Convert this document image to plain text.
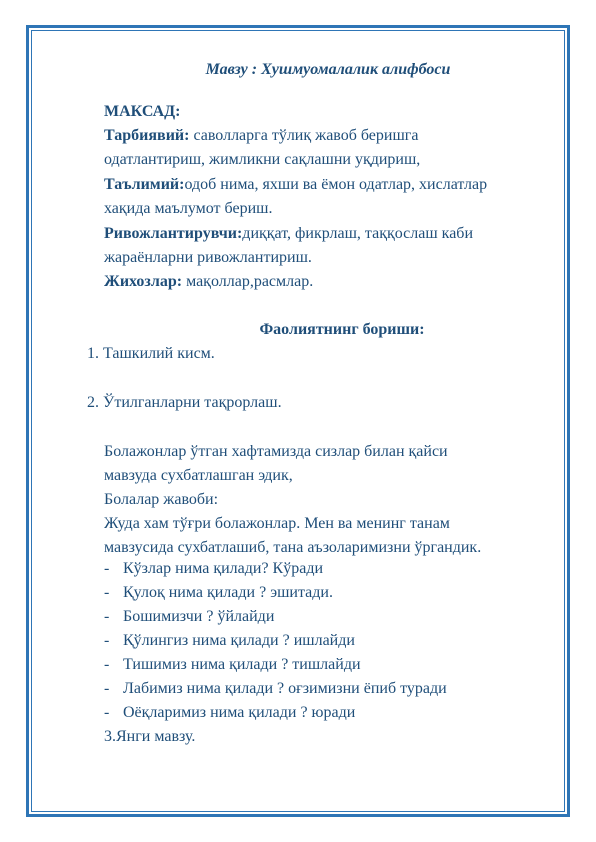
Мавзу : Хушмуомалалик алифбоси
МАКСАД:
Тарбиявий: саволларга тўлиқ жавоб беришга
одатлантириш, жимликни сақлашни уқдириш,
Таълимий:одоб нима, яхши ва ёмон одатлар, хислатлар
хақида маълумот бериш.
Ривожлантирувчи:диққат, фикрлаш, таққослаш каби
жараёнларни ривожлантириш.
Жихозлар: мақоллар,расмлар.
Фаолиятнинг бориши:
1. Ташкилий кисм.
2. Ўтилганларни тақрорлаш.
Болажонлар ўтган хафтамизда сизлар билан қайси
мавзуда сухбатлашган эдик,
Болалар жавоби:
Жуда хам тўғри болажонлар. Мен ва менинг танам
мавзусида сухбатлашиб, тана аъзоларимизни ўргандик.
- Кўзлар нима қилади? Кўради
- Қулоқ нима қилади ? эшитади.
- Бошимизчи ? ўйлайди
- Қўлингиз нима қилади ? ишлайди
- Тишимиз нима қилади ? тишлайди
- Лабимиз нима қилади ? оғзимизни ёпиб туради
- Оёқларимиз нима қилади ? юради
3.Янги мавзу.
